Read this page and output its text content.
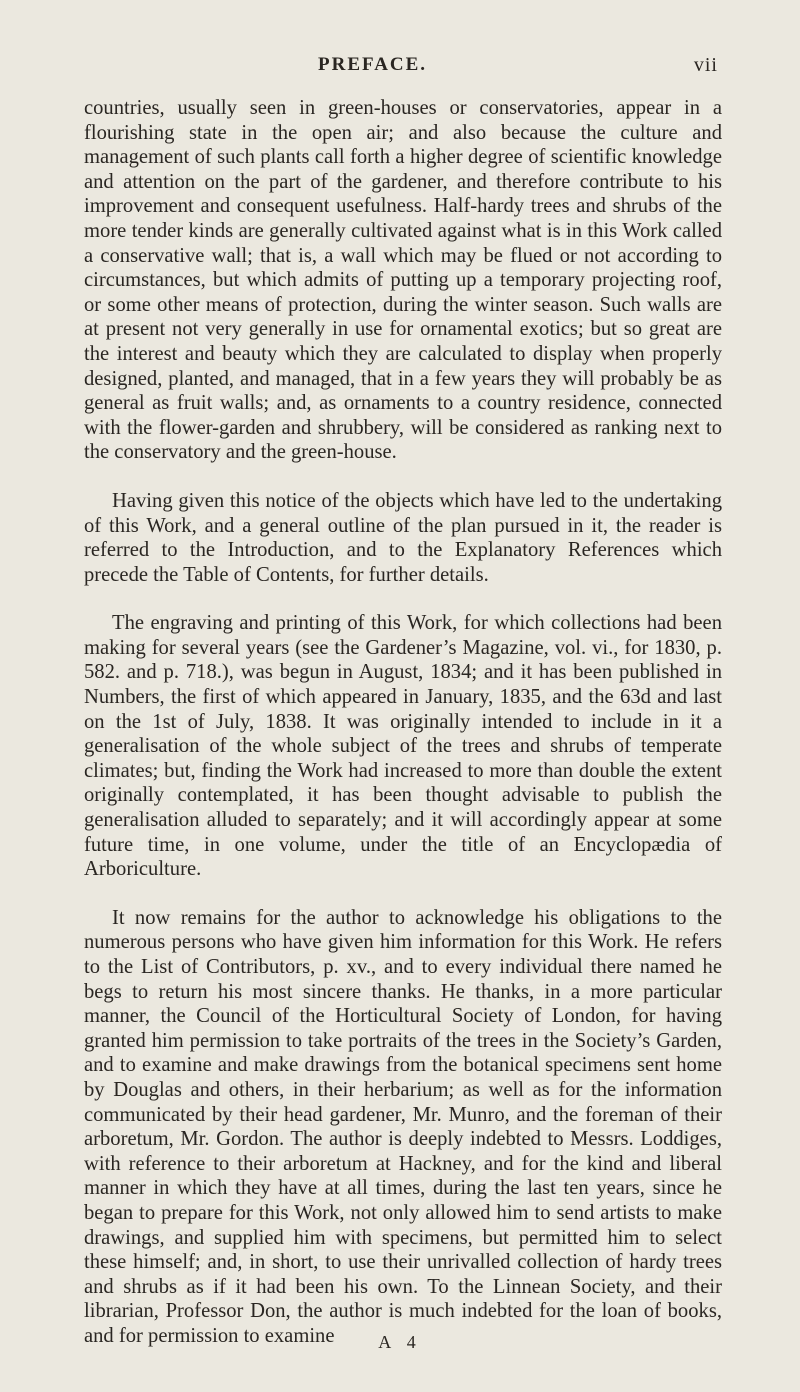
PREFACE.	vii

countries, usually seen in green-houses or conservatories, appear in a flourishing state in the open air; and also because the culture and management of such plants call forth a higher degree of scientific knowledge and attention on the part of the gardener, and therefore contribute to his improvement and consequent usefulness. Half-hardy trees and shrubs of the more tender kinds are generally cultivated against what is in this Work called a conservative wall; that is, a wall which may be flued or not according to circumstances, but which admits of putting up a temporary projecting roof, or some other means of protection, during the winter season. Such walls are at present not very generally in use for ornamental exotics; but so great are the interest and beauty which they are calculated to display when properly designed, planted, and managed, that in a few years they will probably be as general as fruit walls; and, as ornaments to a country residence, connected with the flower-garden and shrubbery, will be considered as ranking next to the conservatory and the green-house.

Having given this notice of the objects which have led to the undertaking of this Work, and a general outline of the plan pursued in it, the reader is referred to the Introduction, and to the Explanatory References which precede the Table of Contents, for further details.

The engraving and printing of this Work, for which collections had been making for several years (see the Gardener’s Magazine, vol. vi., for 1830, p. 582. and p. 718.), was begun in August, 1834; and it has been published in Numbers, the first of which appeared in January, 1835, and the 63d and last on the 1st of July, 1838. It was originally intended to include in it a generalisation of the whole subject of the trees and shrubs of temperate climates; but, finding the Work had increased to more than double the extent originally contemplated, it has been thought advisable to publish the generalisation alluded to separately; and it will accordingly appear at some future time, in one volume, under the title of an Encyclopædia of Arboriculture.

It now remains for the author to acknowledge his obligations to the numerous persons who have given him information for this Work. He refers to the List of Contributors, p. xv., and to every individual there named he begs to return his most sincere thanks. He thanks, in a more particular manner, the Council of the Horticultural Society of London, for having granted him permission to take portraits of the trees in the Society’s Garden, and to examine and make drawings from the botanical specimens sent home by Douglas and others, in their herbarium; as well as for the information communicated by their head gardener, Mr. Munro, and the foreman of their arboretum, Mr. Gordon. The author is deeply indebted to Messrs. Loddiges, with reference to their arboretum at Hackney, and for the kind and liberal manner in which they have at all times, during the last ten years, since he began to prepare for this Work, not only allowed him to send artists to make drawings, and supplied him with specimens, but permitted him to select these himself; and, in short, to use their unrivalled collection of hardy trees and shrubs as if it had been his own. To the Linnean Society, and their librarian, Professor Don, the author is much indebted for the loan of books, and for permission to examine	A 4
